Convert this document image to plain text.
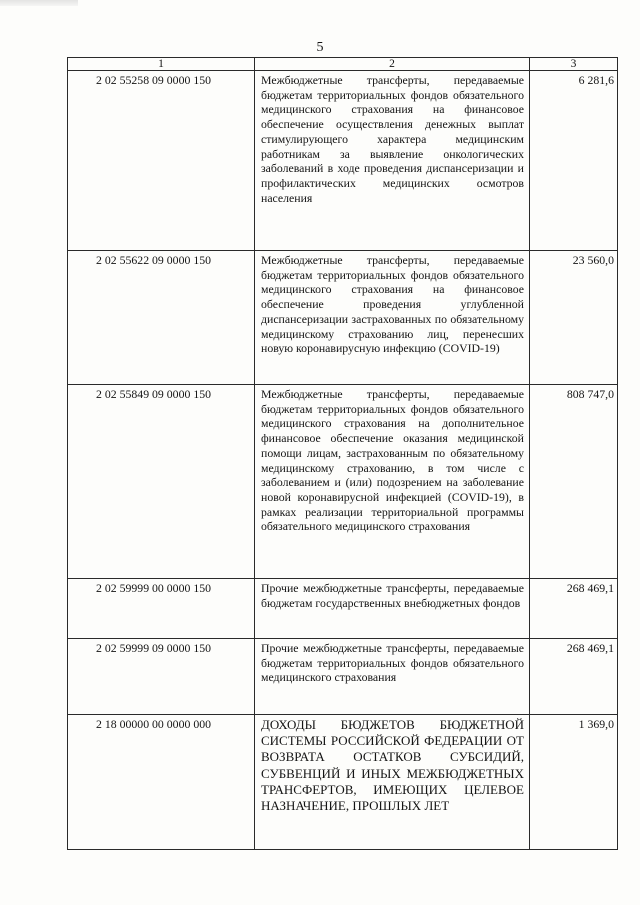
5
1	2	3
2 02 55258 09 0000 150	Межбюджетные трансферты, передаваемые бюджетам территориальных фондов обязательного медицинского страхования на финансовое обеспечение осуществления денежных выплат стимулирующего характера медицинским работникам за выявление онкологических заболеваний в ходе проведения диспансеризации и профилактических медицинских осмотров населения	6 281,6
2 02 55622 09 0000 150	Межбюджетные трансферты, передаваемые бюджетам территориальных фондов обязательного медицинского страхования на финансовое обеспечение проведения углубленной диспансеризации застрахованных по обязательному медицинскому страхованию лиц, перенесших новую коронавирусную инфекцию (COVID-19)	23 560,0
2 02 55849 09 0000 150	Межбюджетные трансферты, передаваемые бюджетам территориальных фондов обязательного медицинского страхования на дополнительное финансовое обеспечение оказания медицинской помощи лицам, застрахованным по обязательному медицинскому страхованию, в том числе с заболеванием и (или) подозрением на заболевание новой коронавирусной инфекцией (COVID-19), в рамках реализации территориальной программы обязательного медицинского страхования	808 747,0
2 02 59999 00 0000 150	Прочие межбюджетные трансферты, передаваемые бюджетам государственных внебюджетных фондов	268 469,1
2 02 59999 09 0000 150	Прочие межбюджетные трансферты, передаваемые бюджетам территориальных фондов обязательного медицинского страхования	268 469,1
2 18 00000 00 0000 000	ДОХОДЫ БЮДЖЕТОВ БЮДЖЕТНОЙ СИСТЕМЫ РОССИЙСКОЙ ФЕДЕРАЦИИ ОТ ВОЗВРАТА ОСТАТКОВ СУБСИДИЙ, СУБВЕНЦИЙ И ИНЫХ МЕЖБЮДЖЕТНЫХ ТРАНСФЕРТОВ, ИМЕЮЩИХ ЦЕЛЕВОЕ НАЗНАЧЕНИЕ, ПРОШЛЫХ ЛЕТ	1 369,0
